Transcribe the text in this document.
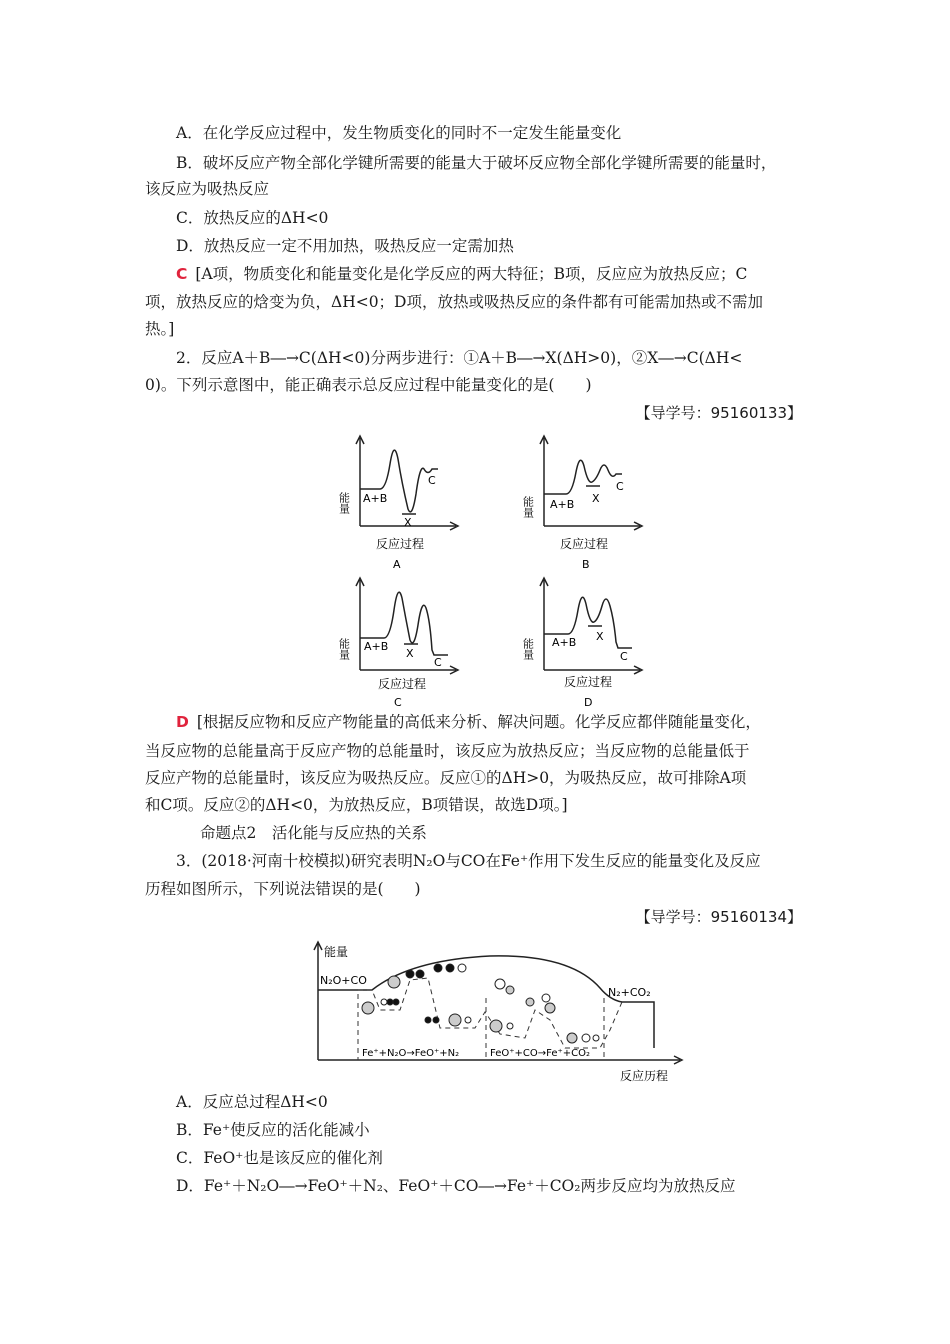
A．在化学反应过程中，发生物质变化的同时不一定发生能量变化
B．破坏反应产物全部化学键所需要的能量大于破坏反应物全部化学键所需要的能量时，
该反应为吸热反应
C．放热反应的ΔH<0
D．放热反应一定不用加热，吸热反应一定需加热
C [A项，物质变化和能量变化是化学反应的两大特征；B项，反应应为放热反应；C
项，放热反应的焓变为负，ΔH<0；D项，放热或吸热反应的条件都有可能需加热或不需加
热。]
2．反应A＋B―→C(ΔH<0)分两步进行：①A＋B―→X(ΔH>0)，②X―→C(ΔH<
0)。下列示意图中，能正确表示总反应过程中能量变化的是(　　)
【导学号：95160133】
能量 A+B
X
C
反应过程
A
能量 A+B X
C
反应过程
B
能量 A+B
X
C
反应过程
C
能量 A+B X
C
反应过程
D
D [根据反应物和反应产物能量的高低来分析、解决问题。化学反应都伴随能量变化，
当反应物的总能量高于反应产物的总能量时，该反应为放热反应；当反应物的总能量低于
反应产物的总能量时，该反应为吸热反应。反应①的ΔH>0，为吸热反应，故可排除A项
和C项。反应②的ΔH<0，为放热反应，B项错误，故选D项。]
命题点2　活化能与反应热的关系
3．(2018·河南十校模拟)研究表明N₂O与CO在Fe⁺作用下发生反应的能量变化及反应
历程如图所示，下列说法错误的是(　　)
【导学号：95160134】
能量
N₂O+CO
N₂+CO₂
Fe⁺+N₂O→FeO⁺+N₂	FeO⁺+CO→Fe⁺+CO₂
反应历程
A．反应总过程ΔH<0
B．Fe⁺使反应的活化能减小
C．FeO⁺也是该反应的催化剂
D．Fe⁺＋N₂O―→FeO⁺＋N₂、FeO⁺＋CO―→Fe⁺＋CO₂两步反应均为放热反应
